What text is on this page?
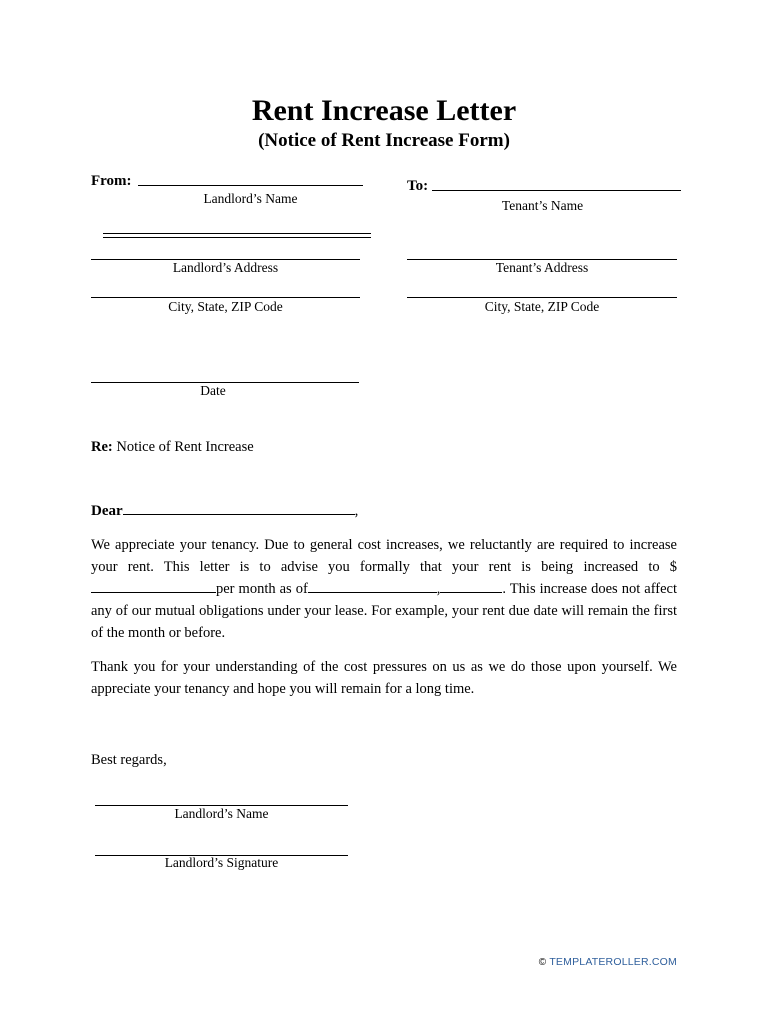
Rent Increase Letter
(Notice of Rent Increase Form)
From:
Landlord’s Name
Landlord’s Address
City, State, ZIP Code
Date
To:
Tenant’s Name
Tenant’s Address
City, State, ZIP Code
Re: Notice of Rent Increase
Dear	,
We appreciate your tenancy. Due to general cost increases, we reluctantly are required to increase your rent. This letter is to advise you formally that your rent is being increased to $per month as of	,	. This increase does not affect any of our mutual obligations under your lease. For example, your rent due date will remain the first of the month or before.
Thank you for your understanding of the cost pressures on us as we do those upon yourself. We appreciate your tenancy and hope you will remain for a long time.
Best regards,
Landlord’s Name
Landlord’s Signature
© TEMPLATEROLLER.COM
